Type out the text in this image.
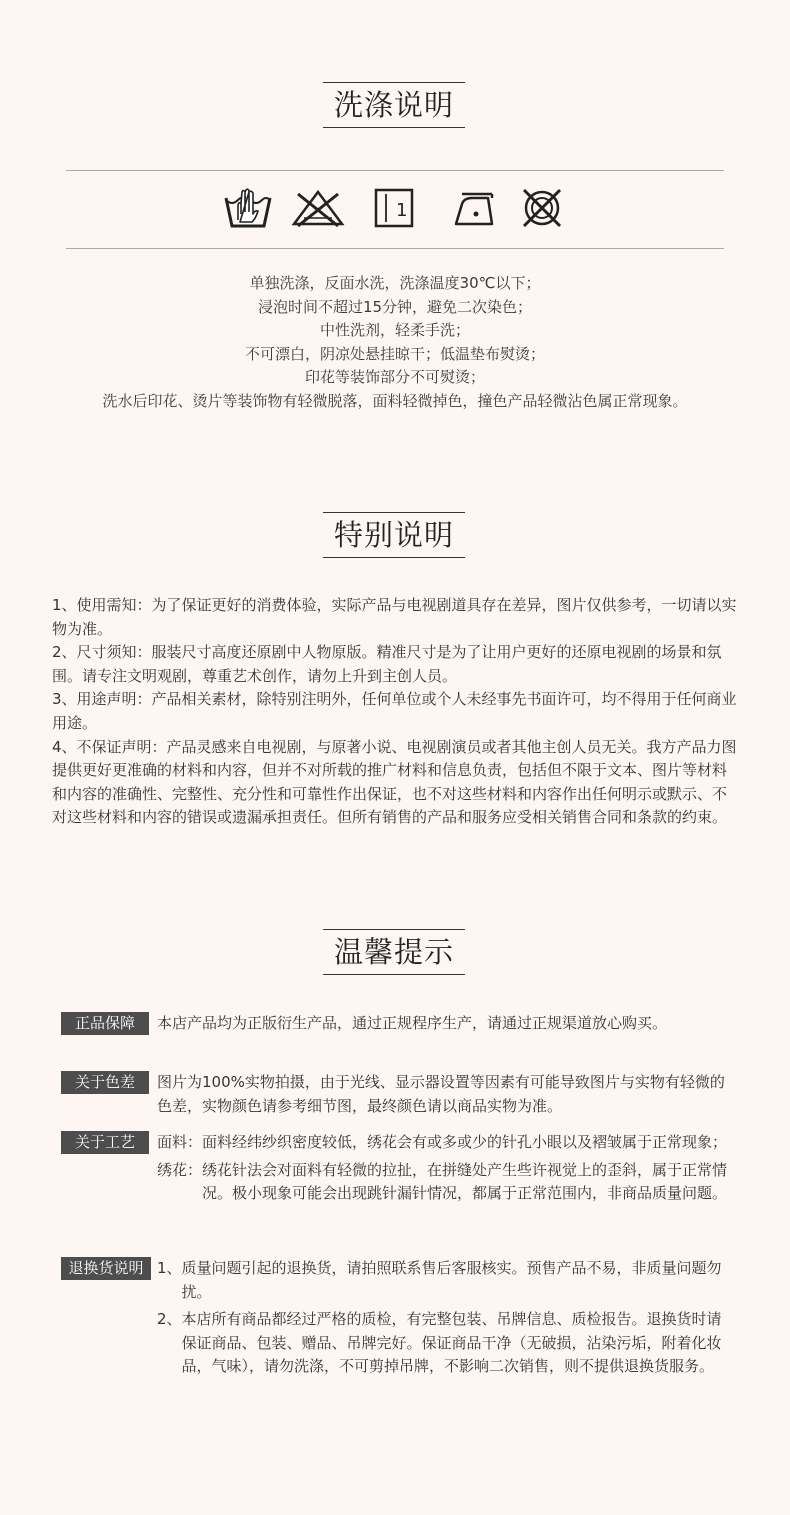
洗涤说明
1
单独洗涤，反面水洗，洗涤温度30℃以下；
浸泡时间不超过15分钟，避免二次染色；
中性洗剂，轻柔手洗；
不可漂白，阴凉处悬挂晾干；低温垫布熨烫；
印花等装饰部分不可熨烫；
洗水后印花、烫片等装饰物有轻微脱落，面料轻微掉色，撞色产品轻微沾色属正常现象。
特别说明

1、使用需知：为了保证更好的消费体验，实际产品与电视剧道具存在差异，图片仅供参考，一切请以实物为准。

2、尺寸须知：服装尺寸高度还原剧中人物原版。精准尺寸是为了让用户更好的还原电视剧的场景和氛围。请专注文明观剧，尊重艺术创作，请勿上升到主创人员。

3、用途声明：产品相关素材，除特别注明外，任何单位或个人未经事先书面许可，均不得用于任何商业用途。

4、不保证声明：产品灵感来自电视剧，与原著小说、电视剧演员或者其他主创人员无关。我方产品力图提供更好更准确的材料和内容，但并不对所载的推广材料和信息负责，包括但不限于文本、图片等材料和内容的准确性、完整性、充分性和可靠性作出保证，也不对这些材料和内容作出任何明示或默示、不对这些材料和内容的错误或遗漏承担责任。但所有销售的产品和服务应受相关销售合同和条款的约束。

温馨提示
正品保障	本店产品均为正版衍生产品，通过正规程序生产，请通过正规渠道放心购买。
关于色差	图片为100%实物拍摄，由于光线、显示器设置等因素有可能导致图片与实物有轻微的色差，实物颜色请参考细节图，最终颜色请以商品实物为准。
关于工艺	面料： 面料经纬纱织密度较低，绣花会有或多或少的针孔小眼以及褶皱属于正常现象；
绣花： 绣花针法会对面料有轻微的拉扯，在拼缝处产生些许视觉上的歪斜，属于正常情况。极小现象可能会出现跳针漏针情况，都属于正常范围内，非商品质量问题。
退换货说明 1、 质量问题引起的退换货，请拍照联系售后客服核实。预售产品不易，非质量问题勿扰。
2、 本店所有商品都经过严格的质检，有完整包装、吊牌信息、质检报告。退换货时请保证商品、包装、赠品、吊牌完好。保证商品干净（无破损，沾染污垢，附着化妆品，气味），请勿洗涤，不可剪掉吊牌，不影响二次销售，则不提供退换货服务。
